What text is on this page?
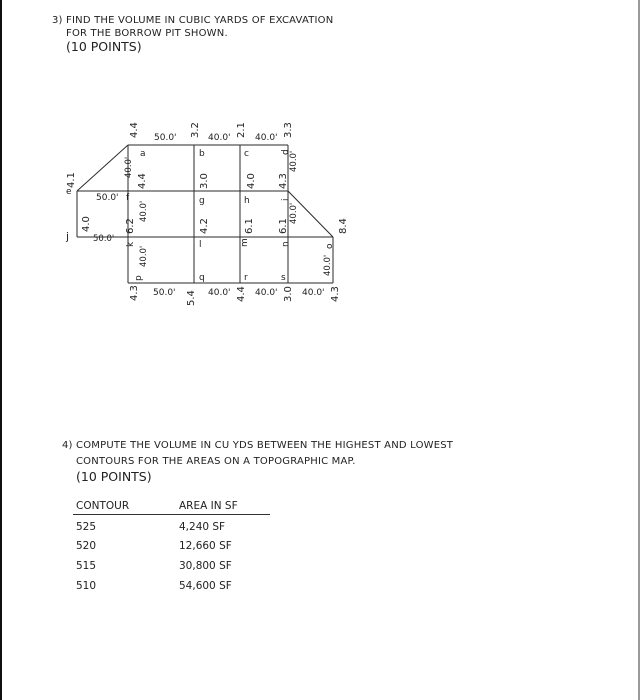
3) FIND THE VOLUME IN CUBIC YARDS OF EXCAVATION
FOR THE BORROW PIT SHOWN.
(10 POINTS)
50.0'	40.0'	40.0'
50.0'	40.0'	40.0'	40.0'
50.0'
50.0'
40.0'
40.0'
40.0'
40.0'
40.0'
40.0'
a	b	c
e
f	g	h
j
l
q	r	s
d
i
k	m	n	o
p
4.4	3.2	2.1	3.3
4.1	4.4	3.0	4.0 4.3
4.0	6.2	4.2	6.1 6.1	8.4
4.3	5.4	4.4	3.0	4.3
4) COMPUTE THE VOLUME IN CU YDS BETWEEN THE HIGHEST AND LOWEST
CONTOURS FOR THE AREAS ON A TOPOGRAPHIC MAP.
(10 POINTS)
CONTOUR	AREA IN SF
525	4,240 SF
520	12,660 SF
515	30,800 SF
510	54,600 SF
